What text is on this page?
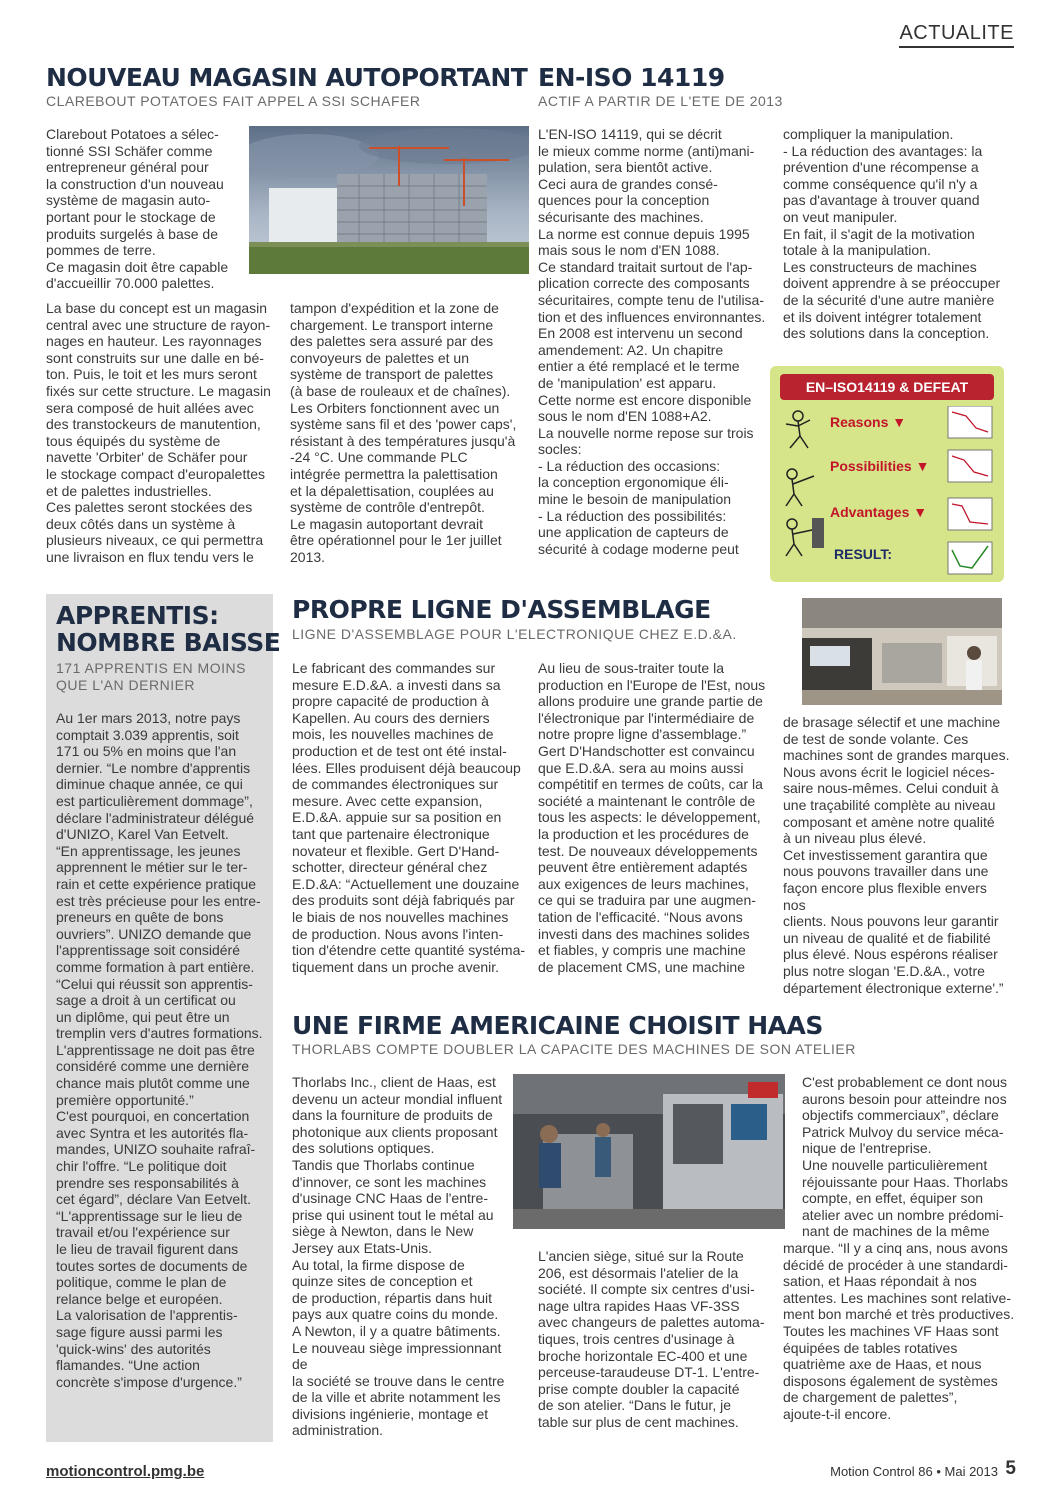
ACTUALITE
NOUVEAU MAGASIN AUTOPORTANT
CLAREBOUT POTATOES FAIT APPEL A SSI SCHAFER
Clarebout Potatoes a sélec-
tionné SSI Schäfer comme
entrepreneur général pour
la construction d'un nouveau
système de magasin auto-
portant pour le stockage de
produits surgelés à base de
pommes de terre.
Ce magasin doit être capable
d'accueillir 70.000 palettes.
La base du concept est un magasin
central avec une structure de rayon-
nages en hauteur. Les rayonnages
sont construits sur une dalle en bé-
ton. Puis, le toit et les murs seront
fixés sur cette structure. Le magasin
sera composé de huit allées avec
des transtockeurs de manutention,
tous équipés du système de
navette 'Orbiter' de Schäfer pour
le stockage compact d'europalettes
et de palettes industrielles.
Ces palettes seront stockées des
deux côtés dans un système à
plusieurs niveaux, ce qui permettra
une livraison en flux tendu vers le
tampon d'expédition et la zone de
chargement. Le transport interne
des palettes sera assuré par des
convoyeurs de palettes et un
système de transport de palettes
(à base de rouleaux et de chaînes).
Les Orbiters fonctionnent avec un
système sans fil et des 'power caps',
résistant à des températures jusqu'à
-24 °C. Une commande PLC
intégrée permettra la palettisation
et la dépalettisation, couplées au
système de contrôle d'entrepôt.
Le magasin autoportant devrait
être opérationnel pour le 1er juillet
2013.
EN-ISO 14119
ACTIF A PARTIR DE L'ETE DE 2013
L'EN-ISO 14119, qui se décrit
le mieux comme norme (anti)mani-
pulation, sera bientôt active.
Ceci aura de grandes consé-
quences pour la conception
sécurisante des machines.
La norme est connue depuis 1995
mais sous le nom d'EN 1088.
Ce standard traitait surtout de l'ap-
plication correcte des composants
sécuritaires, compte tenu de l'utilisa-
tion et des influences environnantes.
En 2008 est intervenu un second
amendement: A2. Un chapitre
entier a été remplacé et le terme
de 'manipulation' est apparu.
Cette norme est encore disponible
sous le nom d'EN 1088+A2.
La nouvelle norme repose sur trois
socles:
- La réduction des occasions:
la conception ergonomique éli-
mine le besoin de manipulation
- La réduction des possibilités:
une application de capteurs de
sécurité à codage moderne peut
compliquer la manipulation.
- La réduction des avantages: la
prévention d'une récompense a
comme conséquence qu'il n'y a
pas d'avantage à trouver quand
on veut manipuler.
En fait, il s'agit de la motivation
totale à la manipulation.
Les constructeurs de machines
doivent apprendre à se préoccuper
de la sécurité d'une autre manière
et ils doivent intégrer totalement
des solutions dans la conception.
EN–ISO14119 & DEFEAT
Reasons ▼
Possibilities ▼
Advantages ▼
RESULT:
APPRENTIS:
NOMBRE BAISSE
171 APPRENTIS EN MOINS
QUE L'AN DERNIER
Au 1er mars 2013, notre pays
comptait 3.039 apprentis, soit
171 ou 5% en moins que l'an
dernier. “Le nombre d'apprentis
diminue chaque année, ce qui
est particulièrement dommage”,
déclare l'administrateur délégué
d'UNIZO, Karel Van Eetvelt.
“En apprentissage, les jeunes
apprennent le métier sur le ter-
rain et cette expérience pratique
est très précieuse pour les entre-
preneurs en quête de bons
ouvriers”. UNIZO demande que
l'apprentissage soit considéré
comme formation à part entière.
“Celui qui réussit son apprentis-
sage a droit à un certificat ou
un diplôme, qui peut être un
tremplin vers d'autres formations.
L'apprentissage ne doit pas être
considéré comme une dernière
chance mais plutôt comme une
première opportunité.”
C'est pourquoi, en concertation
avec Syntra et les autorités fla-
mandes, UNIZO souhaite rafraî-
chir l'offre. “Le politique doit
prendre ses responsabilités à
cet égard”, déclare Van Eetvelt.
“L'apprentissage sur le lieu de
travail et/ou l'expérience sur
le lieu de travail figurent dans
toutes sortes de documents de
politique, comme le plan de
relance belge et européen.
La valorisation de l'apprentis-
sage figure aussi parmi les
'quick-wins' des autorités
flamandes. “Une action
concrète s'impose d'urgence.”
PROPRE LIGNE D'ASSEMBLAGE
LIGNE D'ASSEMBLAGE POUR L'ELECTRONIQUE CHEZ E.D.&A.
Le fabricant des commandes sur
mesure E.D.&A. a investi dans sa
propre capacité de production à
Kapellen. Au cours des derniers
mois, les nouvelles machines de
production et de test ont été instal-
lées. Elles produisent déjà beaucoup
de commandes électroniques sur
mesure. Avec cette expansion,
E.D.&A. appuie sur sa position en
tant que partenaire électronique
novateur et flexible. Gert D'Hand-
schotter, directeur général chez
E.D.&A: “Actuellement une douzaine
des produits sont déjà fabriqués par
le biais de nos nouvelles machines
de production. Nous avons l'inten-
tion d'étendre cette quantité systéma-
tiquement dans un proche avenir.
Au lieu de sous-traiter toute la
production en l'Europe de l'Est, nous
allons produire une grande partie de
l'électronique par l'intermédiaire de
notre propre ligne d'assemblage.”
Gert D'Handschotter est convaincu
que E.D.&A. sera au moins aussi
compétitif en termes de coûts, car la
société a maintenant le contrôle de
tous les aspects: le développement,
la production et les procédures de
test. De nouveaux développements
peuvent être entièrement adaptés
aux exigences de leurs machines,
ce qui se traduira par une augmen-
tation de l'efficacité. “Nous avons
investi dans des machines solides
et fiables, y compris une machine
de placement CMS, une machine
de brasage sélectif et une machine
de test de sonde volante. Ces
machines sont de grandes marques.
Nous avons écrit le logiciel néces-
saire nous-mêmes. Celui conduit à
une traçabilité complète au niveau
composant et amène notre qualité
à un niveau plus élevé.
Cet investissement garantira que
nous pouvons travailler dans une
façon encore plus flexible envers nos
clients. Nous pouvons leur garantir
un niveau de qualité et de fiabilité
plus élevé. Nous espérons réaliser
plus notre slogan 'E.D.&A., votre
département électronique externe'.”
UNE FIRME AMERICAINE CHOISIT HAAS
THORLABS COMPTE DOUBLER LA CAPACITE DES MACHINES DE SON ATELIER
Thorlabs Inc., client de Haas, est
devenu un acteur mondial influent
dans la fourniture de produits de
photonique aux clients proposant
des solutions optiques.
Tandis que Thorlabs continue
d'innover, ce sont les machines
d'usinage CNC Haas de l'entre-
prise qui usinent tout le métal au
siège à Newton, dans le New
Jersey aux Etats-Unis.
Au total, la firme dispose de
quinze sites de conception et
de production, répartis dans huit
pays aux quatre coins du monde.
A Newton, il y a quatre bâtiments.
Le nouveau siège impressionnant de
la société se trouve dans le centre
de la ville et abrite notamment les
divisions ingénierie, montage et
administration.
L'ancien siège, situé sur la Route
206, est désormais l'atelier de la
société. Il compte six centres d'usi-
nage ultra rapides Haas VF-3SS
avec changeurs de palettes automa-
tiques, trois centres d'usinage à
broche horizontale EC-400 et une
perceuse-taraudeuse DT-1. L'entre-
prise compte doubler la capacité
de son atelier. “Dans le futur, je
table sur plus de cent machines.
C'est probablement ce dont nous
aurons besoin pour atteindre nos
objectifs commerciaux”, déclare
Patrick Mulvoy du service méca-
nique de l'entreprise.
Une nouvelle particulièrement
réjouissante pour Haas. Thorlabs
compte, en effet, équiper son
atelier avec un nombre prédomi-
nant de machines de la même
marque. “Il y a cinq ans, nous avons
décidé de procéder à une standardi-
sation, et Haas répondait à nos
attentes. Les machines sont relative-
ment bon marché et très productives.
Toutes les machines VF Haas sont
équipées de tables rotatives
quatrième axe de Haas, et nous
disposons également de systèmes
de chargement de palettes”,
ajoute-t-il encore.
motioncontrol.pmg.be	Motion Control 86 • Mai 2013 5
